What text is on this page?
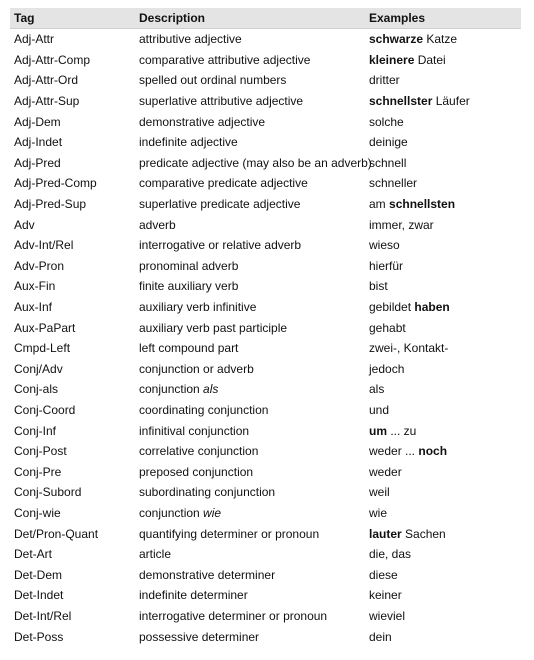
Tag	Description	Examples
Adj-Attr	attributive adjective	schwarze Katze
Adj-Attr-Comp	comparative attributive adjective	kleinere Datei
Adj-Attr-Ord	spelled out ordinal numbers	dritter
Adj-Attr-Sup	superlative attributive adjective	schnellster Läufer
Adj-Dem	demonstrative adjective	solche
Adj-Indet	indefinite adjective	deinige
Adj-Pred	predicate adjective (may also be an adverb)	schnell
Adj-Pred-Comp	comparative predicate adjective	schneller
Adj-Pred-Sup	superlative predicate adjective	am schnellsten
Adv	adverb	immer, zwar
Adv-Int/Rel	interrogative or relative adverb	wieso
Adv-Pron	pronominal adverb	hierfür
Aux-Fin	finite auxiliary verb	bist
Aux-Inf	auxiliary verb infinitive	gebildet haben
Aux-PaPart	auxiliary verb past participle	gehabt
Cmpd-Left	left compound part	zwei-, Kontakt-
Conj/Adv	conjunction or adverb	jedoch
Conj-als	conjunction als	als
Conj-Coord	coordinating conjunction	und
Conj-Inf	infinitival conjunction	um ... zu
Conj-Post	correlative conjunction	weder ... noch
Conj-Pre	preposed conjunction	weder
Conj-Subord	subordinating conjunction	weil
Conj-wie	conjunction wie	wie
Det/Pron-Quant	quantifying determiner or pronoun	lauter Sachen
Det-Art	article	die, das
Det-Dem	demonstrative determiner	diese
Det-Indet	indefinite determiner	keiner
Det-Int/Rel	interrogative determiner or pronoun	wieviel
Det-Poss	possessive determiner	dein
